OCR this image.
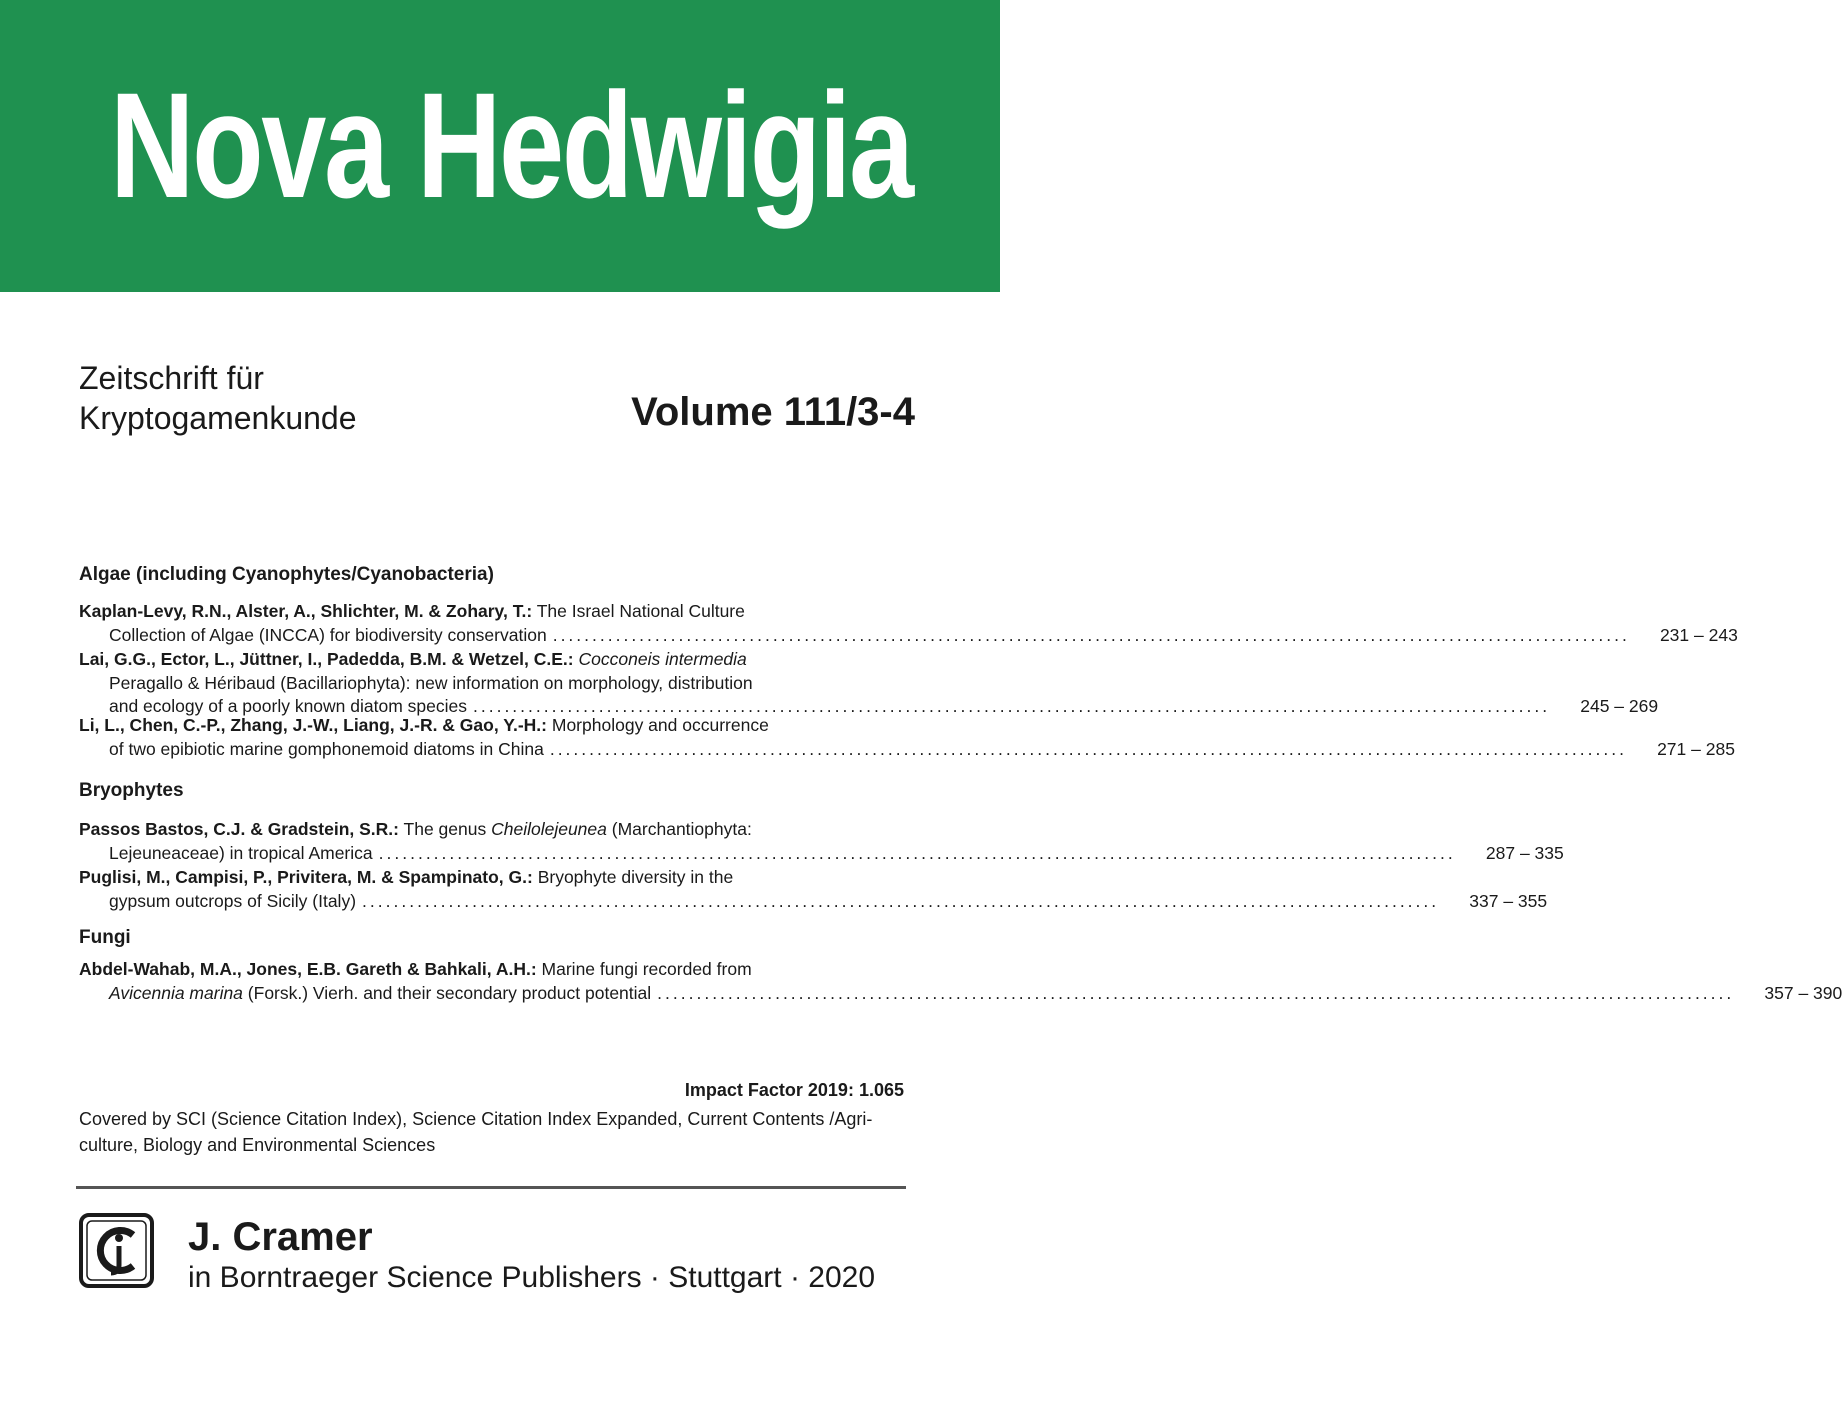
Nova Hedwigia
Zeitschrift für
Kryptogamenkunde	Volume 111/3-4
Algae (including Cyanophytes/Cyanobacteria)
Kaplan-Levy, R.N., Alster, A., Shlichter, M. & Zohary, T.: The Israel National Culture
Collection of Algae (INCCA) for biodiversity conservation .........................................................................................................................................	231 – 243
Lai, G.G., Ector, L., Jüttner, I., Padedda, B.M. & Wetzel, C.E.: Cocconeis intermedia
Peragallo & Héribaud (Bacillariophyta): new information on morphology, distribution
and ecology of a poorly known diatom species .........................................................................................................................................	245 – 269
Li, L., Chen, C.-P., Zhang, J.-W., Liang, J.-R. & Gao, Y.-H.: Morphology and occurrence
of two epibiotic marine gomphonemoid diatoms in China .........................................................................................................................................	271 – 285
Bryophytes
Passos Bastos, C.J. & Gradstein, S.R.: The genus Cheilolejeunea (Marchantiophyta:
Lejeuneaceae) in tropical America .........................................................................................................................................	287 – 335
Puglisi, M., Campisi, P., Privitera, M. & Spampinato, G.: Bryophyte diversity in the
gypsum outcrops of Sicily (Italy) .........................................................................................................................................	337 – 355
Fungi
Abdel-Wahab, M.A., Jones, E.B. Gareth & Bahkali, A.H.: Marine fungi recorded from
Avicennia marina (Forsk.) Vierh. and their secondary product potential .........................................................................................................................................	357 – 390
Impact Factor 2019: 1.065
Covered by SCI (Science Citation Index), Science Citation Index Expanded, Current Contents /Agri-
culture, Biology and Environmental Sciences
J. Cramer
in Borntraeger Science Publishers · Stuttgart · 2020
